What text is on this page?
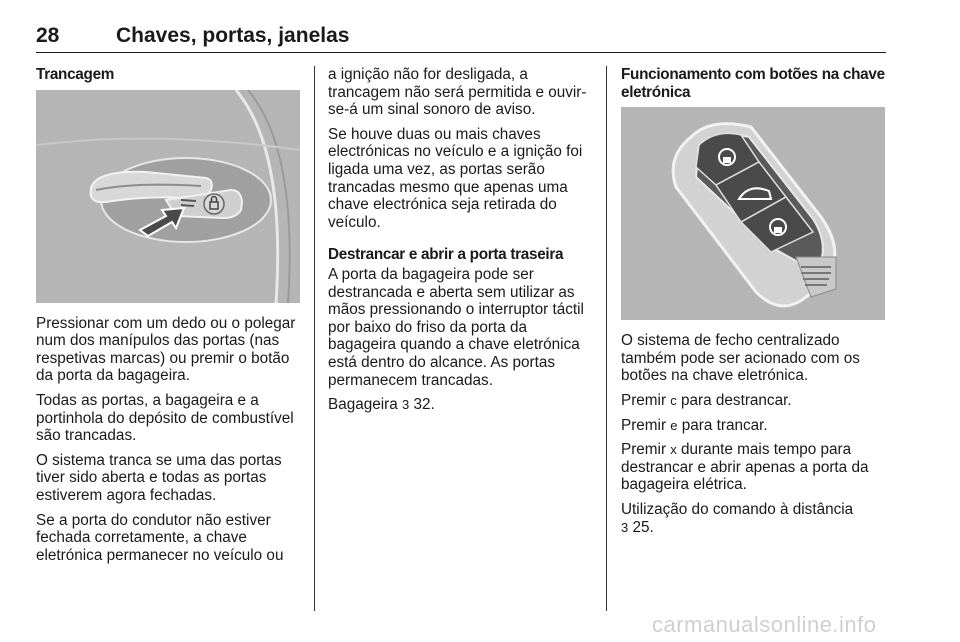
28	Chaves, portas, janelas
Trancagem
Pressionar com um dedo ou o polegar num dos manípulos das portas (nas respetivas marcas) ou premir o botão da porta da bagageira.
Todas as portas, a bagageira e a portinhola do depósito de combustível são trancadas.
O sistema tranca se uma das portas tiver sido aberta e todas as portas estiverem agora fechadas.
Se a porta do condutor não estiver fechada corretamente, a chave eletrónica permanecer no veículo ou
a ignição não for desligada, a trancagem não será permitida e ouvir-se-á um sinal sonoro de aviso.
Se houve duas ou mais chaves electrónicas no veículo e a ignição foi ligada uma vez, as portas serão trancadas mesmo que apenas uma chave electrónica seja retirada do veículo.
Destrancar e abrir a porta traseira
A porta da bagageira pode ser destrancada e aberta sem utilizar as mãos pressionando o interruptor táctil por baixo do friso da porta da bagageira quando a chave eletrónica está dentro do alcance. As portas permanecem trancadas.
Bagageira 3 32.
Funcionamento com botões na chave eletrónica
O sistema de fecho centralizado também pode ser acionado com os botões na chave eletrónica.
Premir c para destrancar.
Premir e para trancar.
Premir x durante mais tempo para destrancar e abrir apenas a porta da bagageira elétrica.
Utilização do comando à distância
3 25.
carmanualsonline.info
